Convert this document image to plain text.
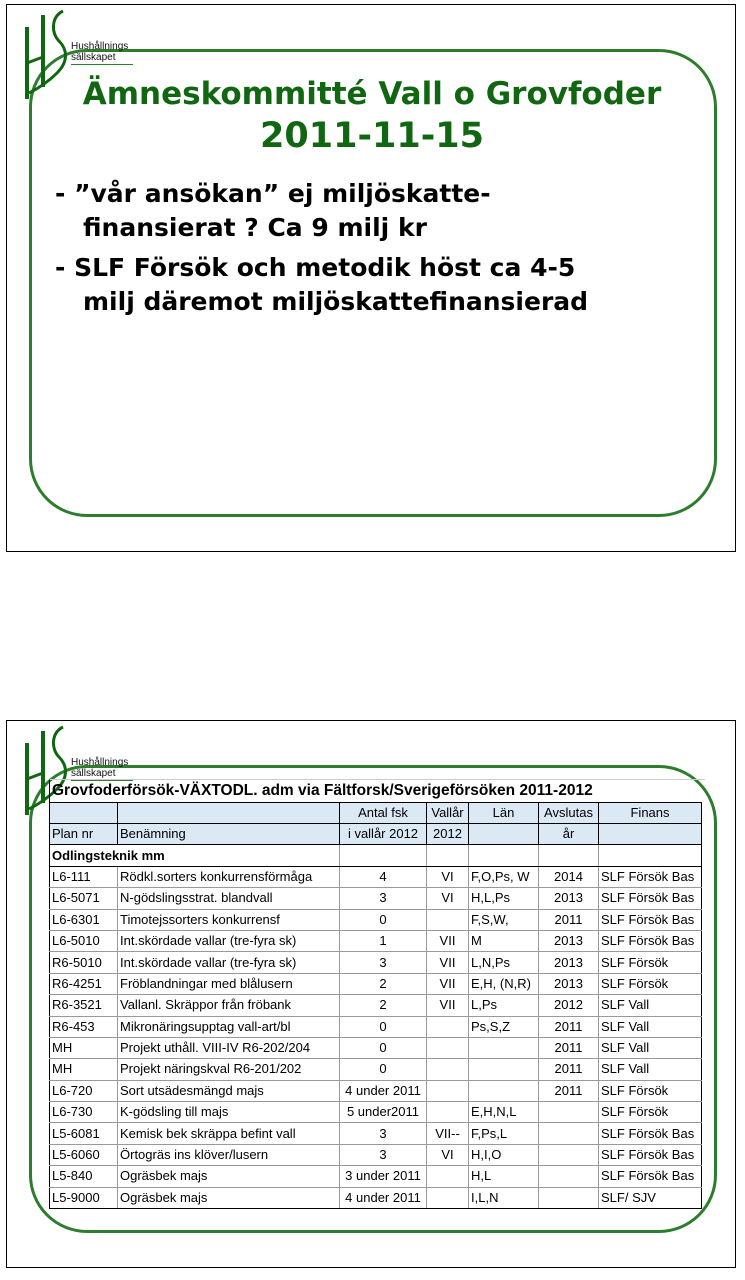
Hushållnings
sällskapet
Ämneskommitté Vall o Grovfoder
2011-11-15
- ”vår ansökan” ej miljöskatte-
finansierat ? Ca 9 milj kr
- SLF Försök och metodik höst ca 4-5
milj däremot miljöskattefinansierad
Hushållnings
sällskapet
Grovfoderförsök-VÄXTODL. adm via Fältforsk/Sverigeförsöken 2011-2012
		Antal fsk	Vallår	Län	Avslutas	Finans
Plan nr	Benämning	i vallår 2012	2012		år	
Odlingsteknik mm						
L6-111	Rödkl.sorters konkurrensförmåga	4	VI	F,O,Ps, W	2014	SLF Försök Bas
L6-5071	N-gödslingsstrat. blandvall	3	VI	H,L,Ps	2013	SLF Försök Bas
L6-6301	Timotejssorters konkurrensf	0		F,S,W,	2011	SLF Försök Bas
L6-5010	Int.skördade vallar (tre-fyra sk)	1	VII	M	2013	SLF Försök Bas
R6-5010	Int.skördade vallar (tre-fyra sk)	3	VII	L,N,Ps	2013	SLF Försök
R6-4251	Fröblandningar med blålusern	2	VII	E,H, (N,R)	2013	SLF Försök
R6-3521	Vallanl. Skräppor från fröbank	2	VII	L,Ps	2012	SLF Vall
R6-453	Mikronäringsupptag vall-art/bl	0		Ps,S,Z	2011	SLF Vall
MH	Projekt uthåll. VIII-IV R6-202/204	0			2011	SLF Vall
MH	Projekt näringskval R6-201/202	0			2011	SLF Vall
L6-720	Sort utsädesmängd majs	4 under 2011			2011	SLF Försök
L6-730	K-gödsling till majs	5 under2011		E,H,N,L		SLF Försök
L5-6081	Kemisk bek skräppa befint vall	3	VII--	F,Ps,L		SLF Försök Bas
L5-6060	Örtogräs ins klöver/lusern	3	VI	H,I,O		SLF Försök Bas
L5-840	Ogräsbek majs	3 under 2011		H,L		SLF Försök Bas
L5-9000	Ogräsbek majs	4 under 2011		I,L,N		SLF/ SJV
